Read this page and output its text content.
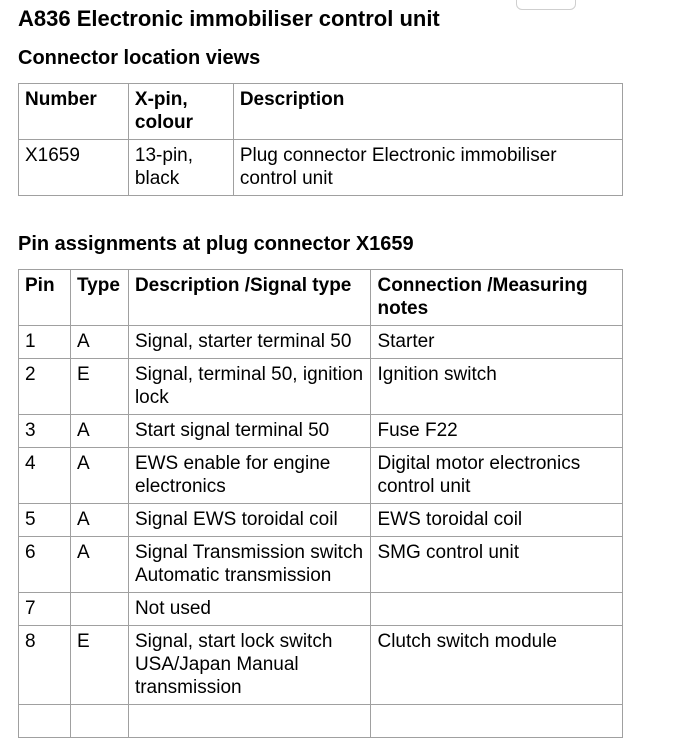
A836 Electronic immobiliser control unit
Connector location views
Number	X-pin, colour	Description
X1659	13-pin, black	Plug connector Electronic immobiliser control unit
Pin assignments at plug connector X1659
Pin	Type	Description /Signal type	Connection /Measuring notes
1	A	Signal, starter terminal 50	Starter
2	E	Signal, terminal 50, ignition lock	Ignition switch
3	A	Start signal terminal 50	Fuse F22
4	A	EWS enable for engine electronics	Digital motor electronics control unit
5	A	Signal EWS toroidal coil	EWS toroidal coil
6	A	Signal Transmission switch Automatic transmission	SMG control unit
7		Not used	
8	E	Signal, start lock switch USA/Japan Manual transmission	Clutch switch module
